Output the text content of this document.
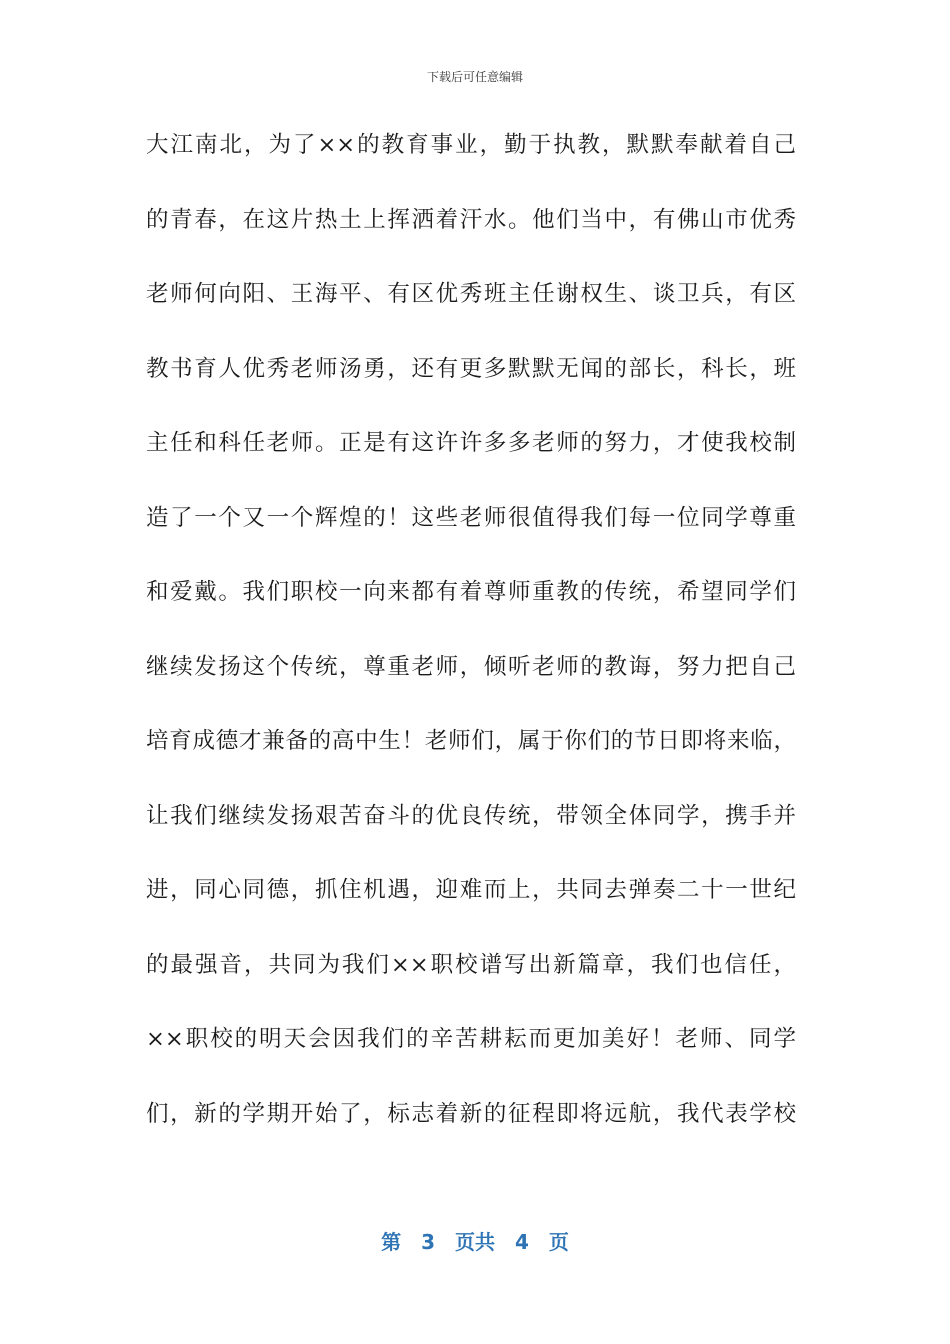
下载后可任意编辑
大江南北，为了××的教育事业，勤于执教，默默奉献着自己
的青春，在这片热土上挥洒着汗水。他们当中，有佛山市优秀
老师何向阳、王海平、有区优秀班主任谢权生、谈卫兵，有区
教书育人优秀老师汤勇，还有更多默默无闻的部长，科长，班
主任和科任老师。正是有这许许多多老师的努力，才使我校制
造了一个又一个辉煌的！这些老师很值得我们每一位同学尊重
和爱戴。我们职校一向来都有着尊师重教的传统，希望同学们
继续发扬这个传统，尊重老师，倾听老师的教诲，努力把自己
培育成德才兼备的高中生！老师们，属于你们的节日即将来临，
让我们继续发扬艰苦奋斗的优良传统，带领全体同学，携手并
进，同心同德，抓住机遇，迎难而上，共同去弹奏二十一世纪
的最强音，共同为我们××职校谱写出新篇章，我们也信任，
××职校的明天会因我们的辛苦耕耘而更加美好！老师、同学
们，新的学期开始了，标志着新的征程即将远航，我代表学校
第 3 页共 4 页
